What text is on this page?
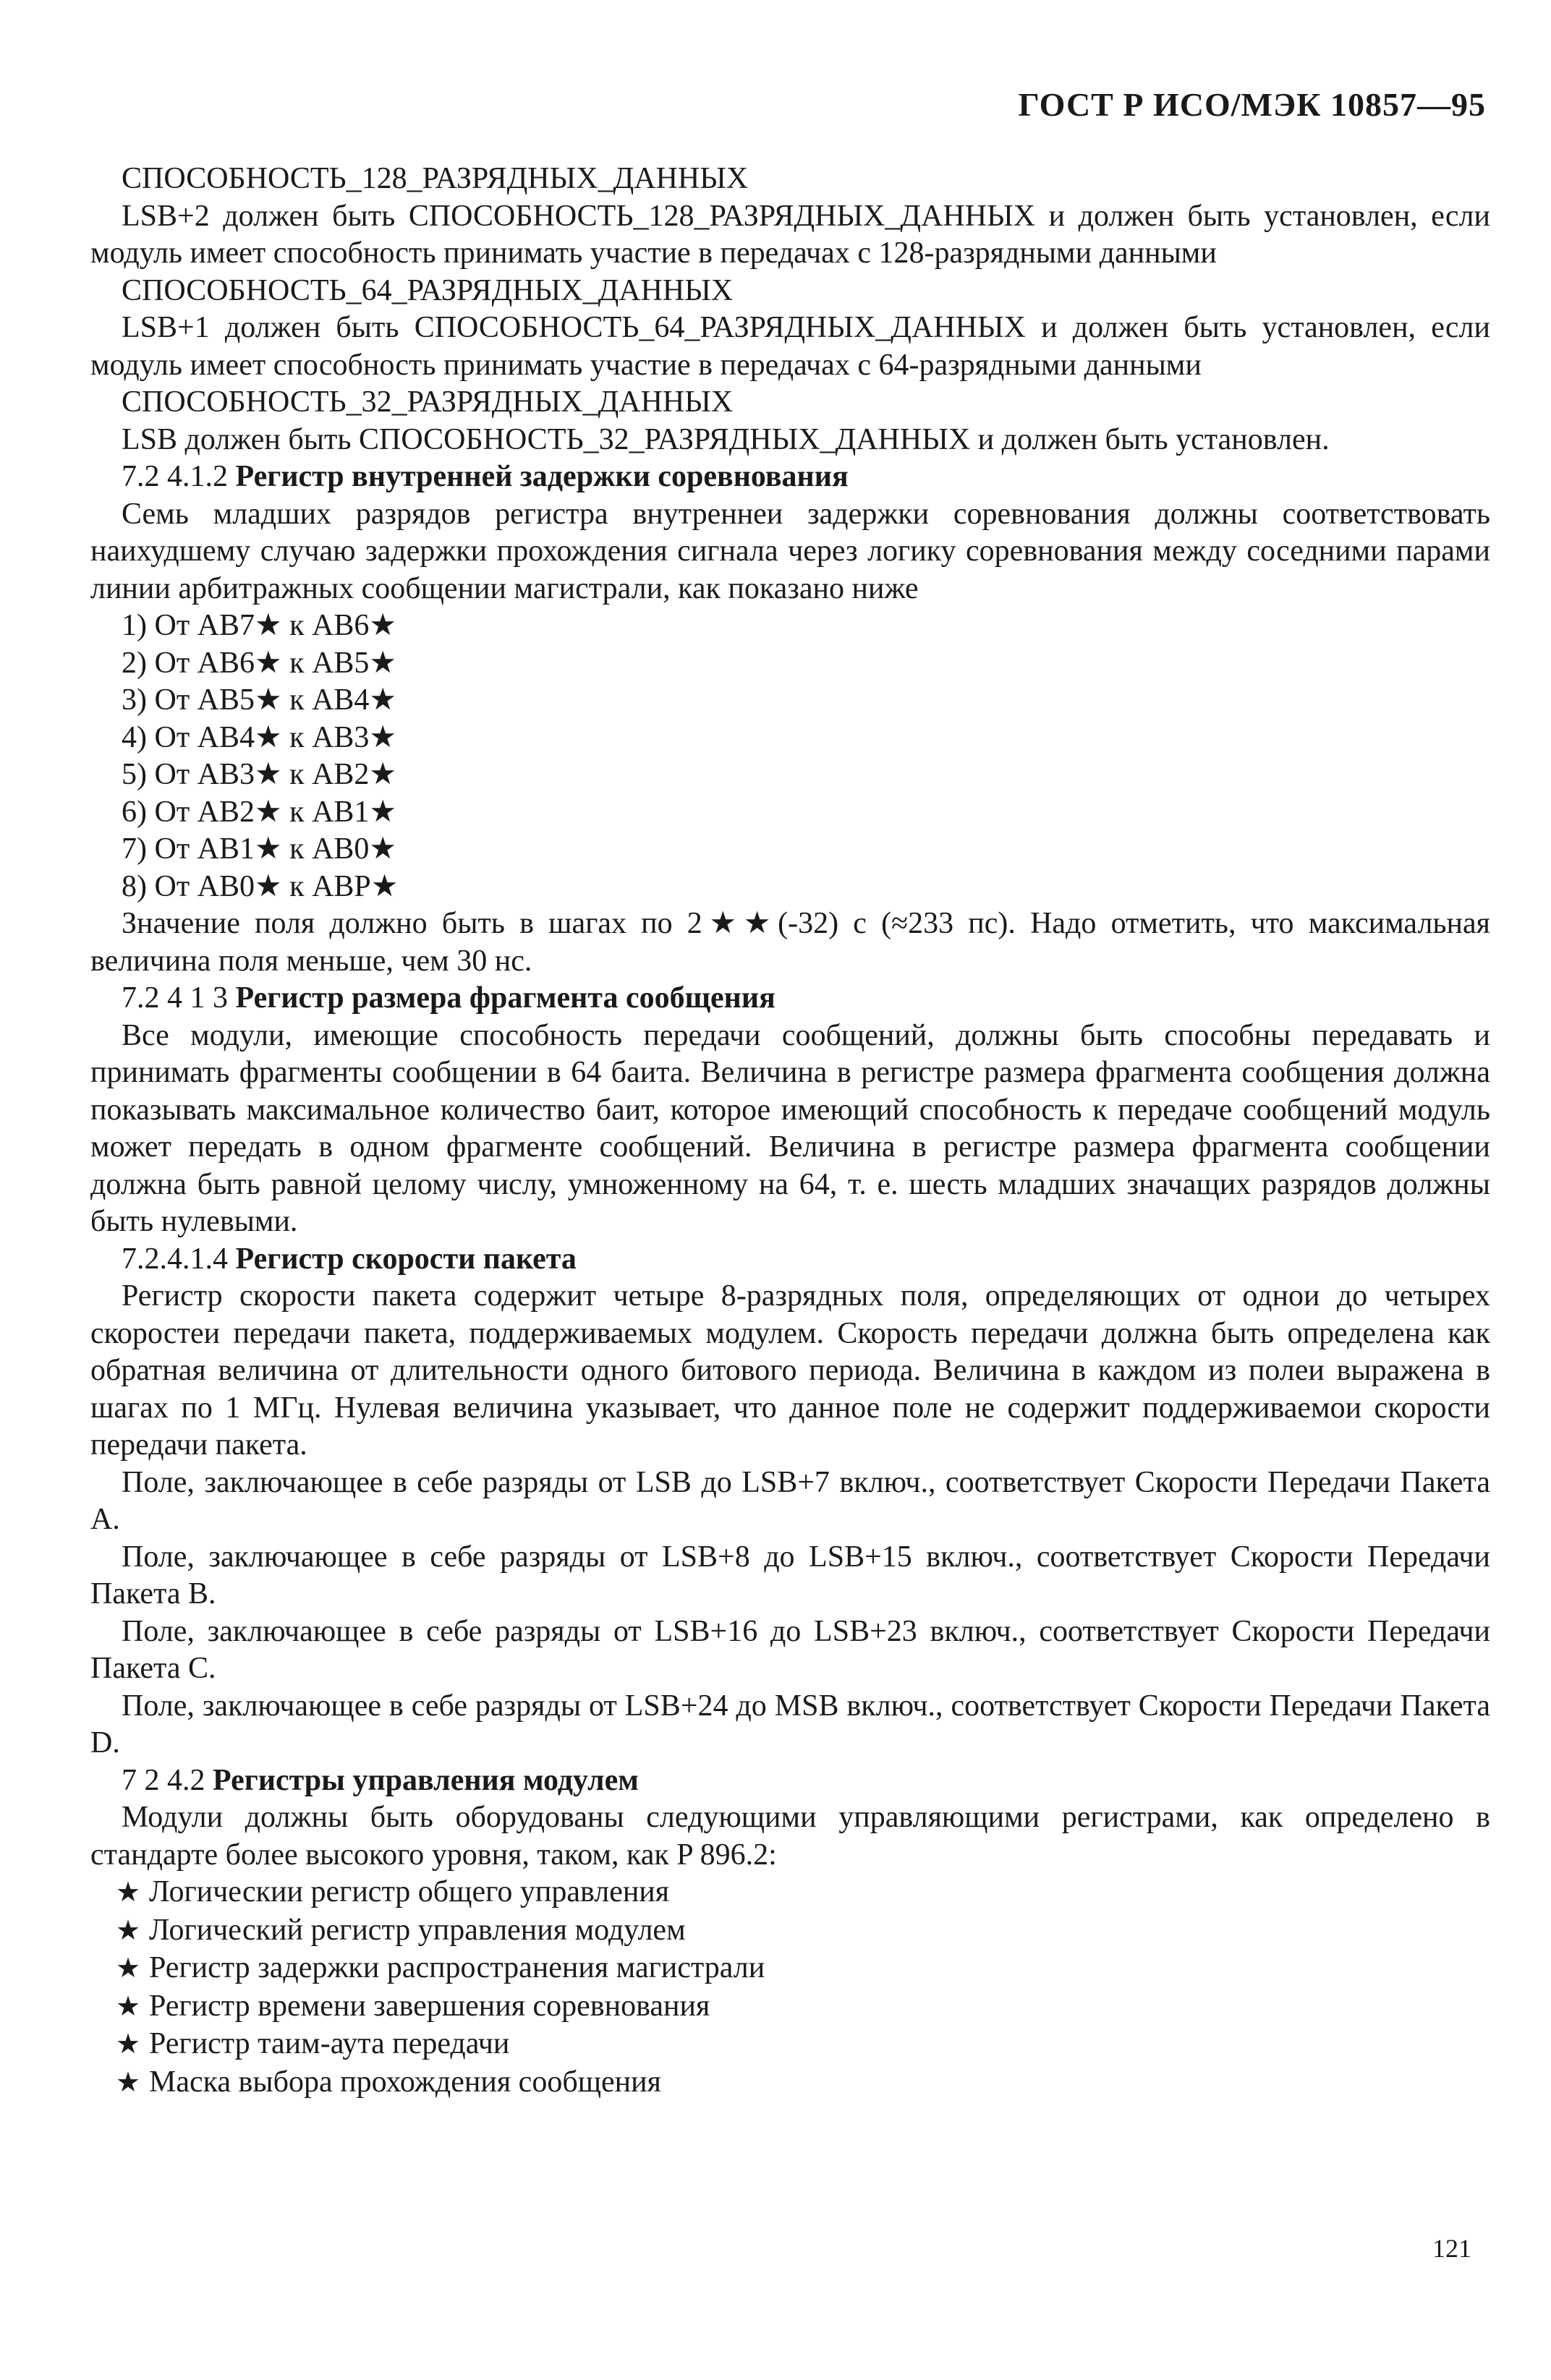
ГОСТ Р ИСО/МЭК 10857—95

СПОСОБНОСТЬ_128_РАЗРЯДНЫХ_ДАННЫХ

LSB+2 должен быть СПОСОБНОСТЬ_128_РАЗРЯДНЫХ_ДАННЫХ и должен быть установлен, если модуль имеет способность принимать участие в передачах с 128-разрядными данными

СПОСОБНОСТЬ_64_РАЗРЯДНЫХ_ДАННЫХ

LSB+1 должен быть СПОСОБНОСТЬ_64_РАЗРЯДНЫХ_ДАННЫХ и должен быть установлен, если модуль имеет способность принимать участие в передачах с 64-разрядными данными

СПОСОБНОСТЬ_32_РАЗРЯДНЫХ_ДАННЫХ

LSB должен быть СПОСОБНОСТЬ_32_РАЗРЯДНЫХ_ДАННЫХ и должен быть установлен.

7.2 4.1.2 Регистр внутренней задержки соревнования

Семь младших разрядов регистра внутреннеи задержки соревнования должны соответствовать наихудшему случаю задержки прохождения сигнала через логику соревнования между соседними парами линии арбитражных сообщении магистрали, как показано ниже

1) От AB7★ к AB6★

2) От AB6★ к AB5★

3) От AB5★ к AB4★

4) От AB4★ к AB3★

5) От AB3★ к AB2★

6) От AB2★ к AB1★

7) От AB1★ к AB0★

8) От AB0★ к ABP★

Значение поля должно быть в шагах по 2★★(-32) с (≈233 пс). Надо отметить, что максимальная величина поля меньше, чем 30 нс.

7.2 4 1 3 Регистр размера фрагмента сообщения

Все модули, имеющие способность передачи сообщений, должны быть способны передавать и принимать фрагменты сообщении в 64 баита. Величина в регистре размера фрагмента сообщения должна показывать максимальное количество баит, которое имеющий способность к передаче сообщений модуль может передать в одном фрагменте сообщений. Величина в регистре размера фрагмента сообщении должна быть равной целому числу, умноженному на 64, т. е. шесть младших значащих разрядов должны быть нулевыми.

7.2.4.1.4 Регистр скорости пакета

Регистр скорости пакета содержит четыре 8-разрядных поля, определяющих от однои до четырех скоростеи передачи пакета, поддерживаемых модулем. Скорость передачи должна быть определена как обратная величина от длительности одного битового периода. Величина в каждом из полеи выражена в шагах по 1 МГц. Нулевая величина указывает, что данное поле не содержит поддерживаемои скорости передачи пакета.

Поле, заключающее в себе разряды от LSB до LSB+7 включ., соответствует Скорости Передачи Пакета А.

Поле, заключающее в себе разряды от LSB+8 до LSB+15 включ., соответствует Скорости Передачи Пакета В.

Поле, заключающее в себе разряды от LSB+16 до LSB+23 включ., соответствует Скорости Передачи Пакета С.

Поле, заключающее в себе разряды от LSB+24 до MSB включ., соответствует Скорости Передачи Пакета D.

7 2 4.2 Регистры управления модулем

Модули должны быть оборудованы следующими управляющими регистрами, как определено в стандарте более высокого уровня, таком, как P 896.2:

★ Логическии регистр общего управления

★ Логический регистр управления модулем

★ Регистр задержки распространения магистрали

★ Регистр времени завершения соревнования

★ Регистр таим-аута передачи

★ Маска выбора прохождения сообщения

121
